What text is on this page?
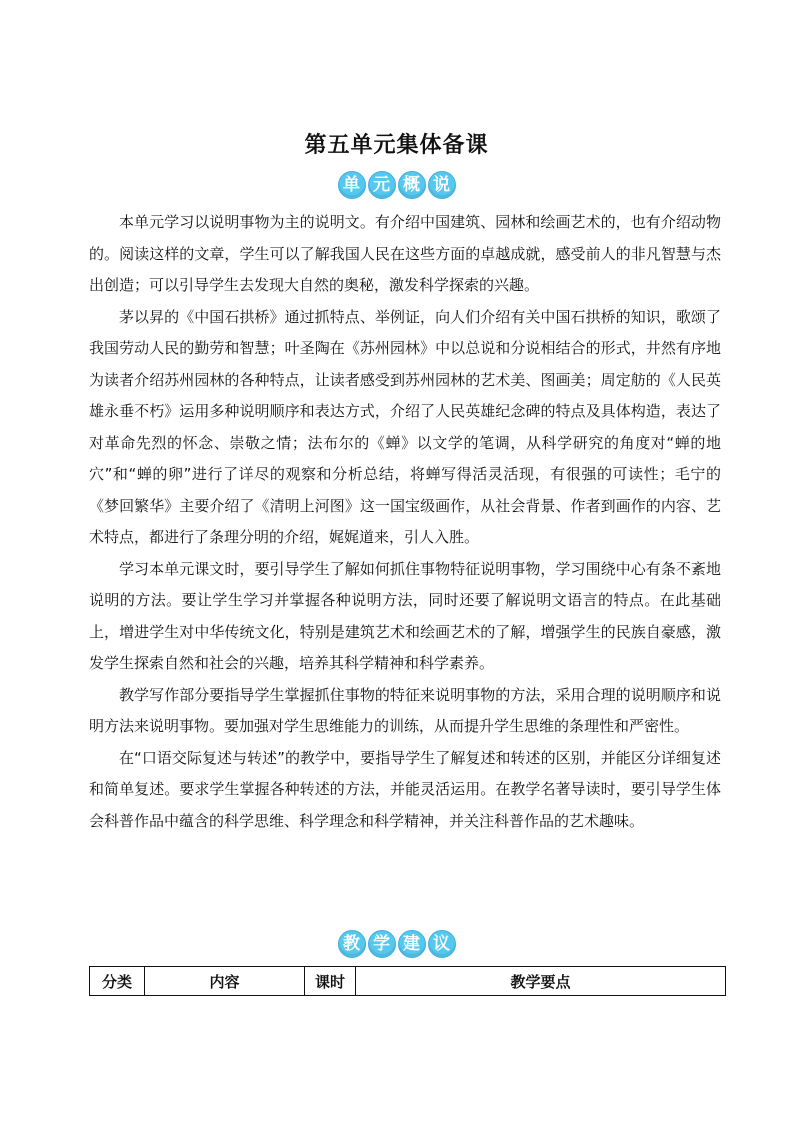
第五单元集体备课
单 元 概 说

本单元学习以说明事物为主的说明文。有介绍中国建筑、园林和绘画艺术的，也有介绍动物的。阅读这样的文章，学生可以了解我国人民在这些方面的卓越成就，感受前人的非凡智慧与杰出创造；可以引导学生去发现大自然的奥秘，激发科学探索的兴趣。

茅以昇的《中国石拱桥》通过抓特点、举例证，向人们介绍有关中国石拱桥的知识，歌颂了我国劳动人民的勤劳和智慧；叶圣陶在《苏州园林》中以总说和分说相结合的形式，井然有序地为读者介绍苏州园林的各种特点，让读者感受到苏州园林的艺术美、图画美；周定舫的《人民英雄永垂不朽》运用多种说明顺序和表达方式，介绍了人民英雄纪念碑的特点及具体构造，表达了对革命先烈的怀念、崇敬之情；法布尔的《蝉》以文学的笔调，从科学研究的角度对“蝉的地穴”和“蝉的卵”进行了详尽的观察和分析总结，将蝉写得活灵活现，有很强的可读性；毛宁的《梦回繁华》主要介绍了《清明上河图》这一国宝级画作，从社会背景、作者到画作的内容、艺术特点，都进行了条理分明的介绍，娓娓道来，引人入胜。

学习本单元课文时，要引导学生了解如何抓住事物特征说明事物，学习围绕中心有条不紊地说明的方法。要让学生学习并掌握各种说明方法，同时还要了解说明文语言的特点。在此基础上，增进学生对中华传统文化，特别是建筑艺术和绘画艺术的了解，增强学生的民族自豪感，激发学生探索自然和社会的兴趣，培养其科学精神和科学素养。

教学写作部分要指导学生掌握抓住事物的特征来说明事物的方法，采用合理的说明顺序和说明方法来说明事物。要加强对学生思维能力的训练，从而提升学生思维的条理性和严密性。

在“口语交际复述与转述”的教学中，要指导学生了解复述和转述的区别，并能区分详细复述和简单复述。要求学生掌握各种转述的方法，并能灵活运用。在教学名著导读时，要引导学生体会科普作品中蕴含的科学思维、科学理念和科学精神，并关注科普作品的艺术趣味。

教 学 建 议
分类	内容	课时	教学要点
